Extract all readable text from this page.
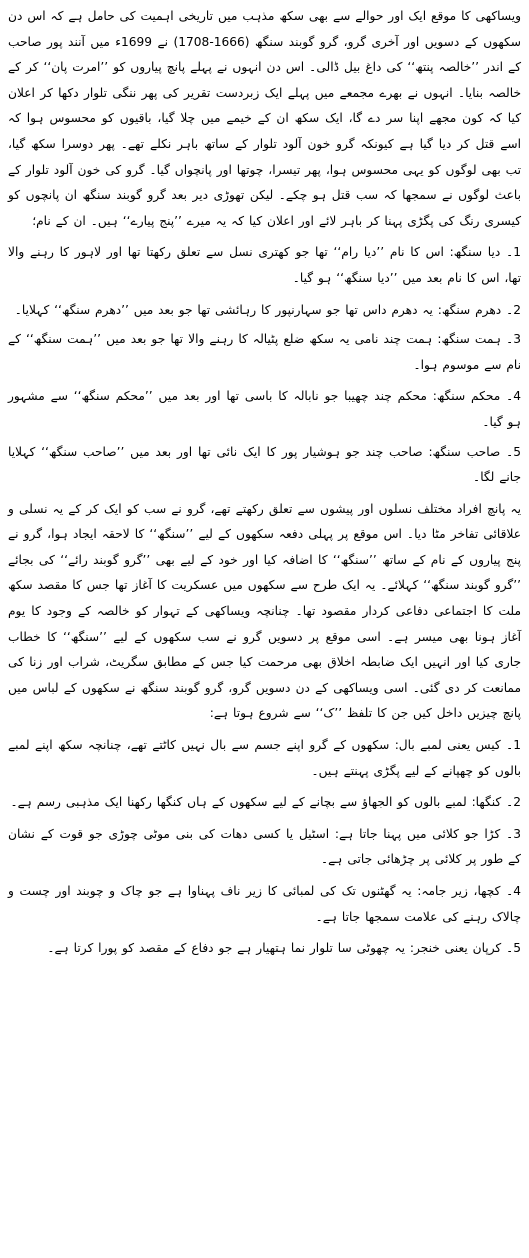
ویساکھی کا موقع ایک اور حوالے سے بھی سکھ مذہب میں تاریخی اہمیت کی حامل ہے کہ اس دن سکھوں کے دسویں اور آخری گرو، گرو گوبند سنگھ (1666-1708) نے 1699ء میں آنند پور صاحب کے اندر ’’خالصہ پنتھ‘‘ کی داغ بیل ڈالی۔ اس دن انہوں نے پہلے پانچ پیاروں کو ’’امرت پان‘‘ کر کے خالصہ بنایا۔ انہوں نے بھرے مجمعے میں پہلے ایک زبردست تقریر کی پھر ننگی تلوار دکھا کر اعلان کیا کہ کون مجھے اپنا سر دے گا، ایک سکھ ان کے خیمے میں چلا گیا، باقیوں کو محسوس ہوا کہ اسے قتل کر دیا گیا ہے کیونکہ گرو خون آلود تلوار کے ساتھ باہر نکلے تھے۔ پھر دوسرا سکھ گیا، تب بھی لوگوں کو یہی محسوس ہوا، پھر تیسرا، چوتھا اور پانچواں گیا۔ گرو کی خون آلود تلوار کے باعث لوگوں نے سمجھا کہ سب قتل ہو چکے۔ لیکن تھوڑی دیر بعد گرو گوبند سنگھ ان پانچوں کو کیسری رنگ کی پگڑی پہنا کر باہر لائے اور اعلان کیا کہ یہ میرے ’’پنج پیارے‘‘ ہیں۔ ان کے نام؛

1۔ دیا سنگھ: اس کا نام ’’دیا رام‘‘ تھا جو کھتری نسل سے تعلق رکھتا تھا اور لاہور کا رہنے والا تھا، اس کا نام بعد میں ’’دیا سنگھ‘‘ ہو گیا۔

2۔ دھرم سنگھ: یہ دھرم داس تھا جو سہارنپور کا رہائشی تھا جو بعد میں ’’دھرم سنگھ‘‘ کہلایا۔

3۔ ہمت سنگھ: ہمت چند نامی یہ سکھ ضلع پٹیالہ کا رہنے والا تھا جو بعد میں ’’ہمت سنگھ‘‘ کے نام سے موسوم ہوا۔

4۔ محکم سنگھ: محکم چند چھیبا جو نابالہ کا باسی تھا اور بعد میں ’’محکم سنگھ‘‘ سے مشہور ہو گیا۔

5۔ صاحب سنگھ: صاحب چند جو ہوشیار پور کا ایک نائی تھا اور بعد میں ’’صاحب سنگھ‘‘ کہلایا جانے لگا۔

یہ پانچ افراد مختلف نسلوں اور پیشوں سے تعلق رکھتے تھے، گرو نے سب کو ایک کر کے یہ نسلی و علاقائی تفاخر مٹا دیا۔ اس موقع پر پہلی دفعہ سکھوں کے لیے ’’سنگھ‘‘ کا لاحقہ ایجاد ہوا، گرو نے پنج پیاروں کے نام کے ساتھ ’’سنگھ‘‘ کا اضافہ کیا اور خود کے لیے بھی ’’گرو گوبند رائے‘‘ کی بجائے ’’گرو گوبند سنگھ‘‘ کہلائے۔ یہ ایک طرح سے سکھوں میں عسکریت کا آغاز تھا جس کا مقصد سکھ ملت کا اجتماعی دفاعی کردار مقصود تھا۔ چنانچہ ویساکھی کے تہوار کو خالصہ کے وجود کا یوم آغاز ہونا بھی میسر ہے۔ اسی موقع پر دسویں گرو نے سب سکھوں کے لیے ’’سنگھ‘‘ کا خطاب جاری کیا اور انہیں ایک ضابطہ اخلاق بھی مرحمت کیا جس کے مطابق سگریٹ، شراب اور زنا کی ممانعت کر دی گئی۔ اسی ویساکھی کے دن دسویں گرو، گرو گوبند سنگھ نے سکھوں کے لباس میں پانچ چیزیں داخل کیں جن کا تلفظ ’’ک‘‘ سے شروع ہوتا ہے:

1۔ کیس یعنی لمبے بال: سکھوں کے گرو اپنے جسم سے بال نہیں کاٹتے تھے، چنانچہ سکھ اپنے لمبے بالوں کو چھپانے کے لیے پگڑی پہنتے ہیں۔

2۔ کنگھا: لمبے بالوں کو الجھاؤ سے بچانے کے لیے سکھوں کے ہاں کنگھا رکھنا ایک مذہبی رسم ہے۔

3۔ کڑا جو کلائی میں پہنا جاتا ہے: اسٹیل یا کسی دھات کی بنی موٹی چوڑی جو قوت کے نشان کے طور پر کلائی پر چڑھائی جاتی ہے۔

4۔ کچھا، زیر جامہ: یہ گھٹنوں تک کی لمبائی کا زیر ناف پہناوا ہے جو چاک و چوبند اور چست و چالاک رہنے کی علامت سمجھا جاتا ہے۔

5۔ کرپان یعنی خنجر: یہ چھوٹی سا تلوار نما ہتھیار ہے جو دفاع کے مقصد کو پورا کرتا ہے۔
